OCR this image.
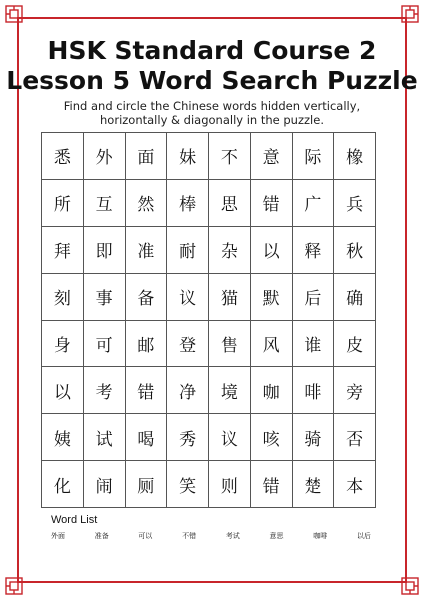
HSK Standard Course 2
Lesson 5 Word Search Puzzle
Find and circle the Chinese words hidden vertically, horizontally & diagonally in the puzzle.
悉	外	面	妹	不	意	际	橡
所	互	然	棒	思	错	广	兵
拜	即	准	耐	杂	以	释	秋
刻	事	备	议	猫	默	后	确
身	可	邮	登	售	风	谁	皮
以	考	错	净	境	咖	啡	旁
姨	试	喝	秀	议	咳	骑	否
化	闹	厕	笑	则	错	楚	本
Word List
外面	准备	可以	不错	考试	意思	咖啡	以后
